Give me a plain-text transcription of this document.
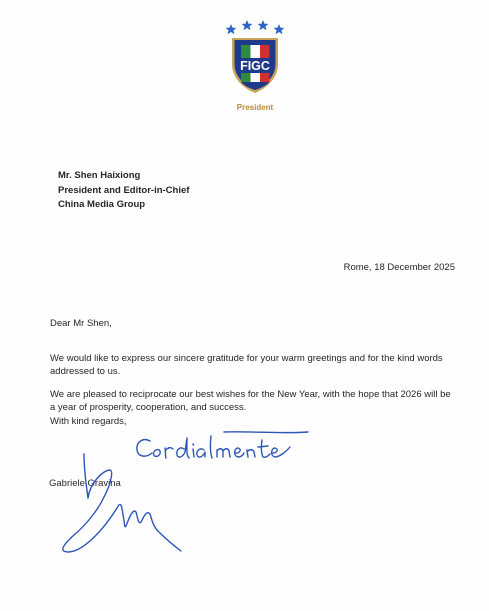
FIGC
President
Mr. Shen Haixiong
President and Editor-in-Chief
China Media Group
Rome, 18 December 2025
Dear Mr Shen,
We would like to express our sincere gratitude for your warm greetings and for the kind words addressed to us.
We are pleased to reciprocate our best wishes for the New Year, with the hope that 2026 will be a year of prosperity, cooperation, and success.
With kind regards,
Gabriele Gravina
